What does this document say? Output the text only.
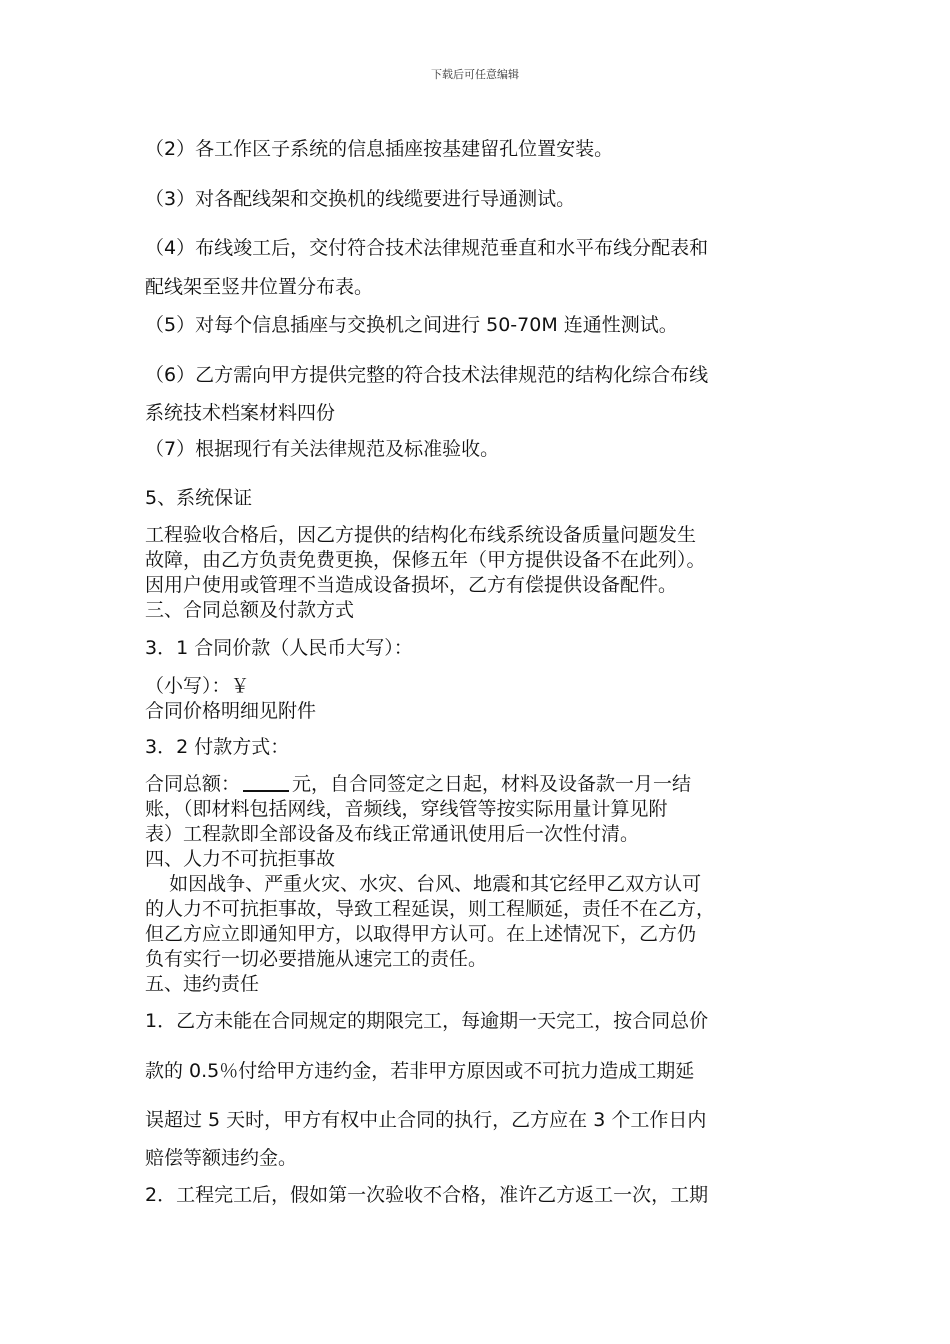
下载后可任意编辑
（2）各工作区子系统的信息插座按基建留孔位置安装。
（3）对各配线架和交换机的线缆要进行导通测试。
（4）布线竣工后，交付符合技术法律规范垂直和水平布线分配表和
配线架至竖井位置分布表。
（5）对每个信息插座与交换机之间进行 50-70M 连通性测试。
（6）乙方需向甲方提供完整的符合技术法律规范的结构化综合布线
系统技术档案材料四份
（7）根据现行有关法律规范及标准验收。
5、系统保证
工程验收合格后，因乙方提供的结构化布线系统设备质量问题发生
故障，由乙方负责免费更换，保修五年（甲方提供设备不在此列）。
因用户使用或管理不当造成设备损坏，乙方有偿提供设备配件。
三、合同总额及付款方式
3．1 合同价款（人民币大写）：
（小写）：￥
合同价格明细见附件
3．2 付款方式：
合同总额：	元，自合同签定之日起，材料及设备款一月一结
账，（即材料包括网线，音频线，穿线管等按实际用量计算见附
表）工程款即全部设备及布线正常通讯使用后一次性付清。
四、人力不可抗拒事故
如因战争、严重火灾、水灾、台风、地震和其它经甲乙双方认可
的人力不可抗拒事故，导致工程延误，则工程顺延，责任不在乙方，
但乙方应立即通知甲方，以取得甲方认可。在上述情况下，乙方仍
负有实行一切必要措施从速完工的责任。
五、违约责任
1．乙方未能在合同规定的期限完工，每逾期一天完工，按合同总价
款的 0.5％付给甲方违约金，若非甲方原因或不可抗力造成工期延
误超过 5 天时，甲方有权中止合同的执行，乙方应在 3 个工作日内
赔偿等额违约金。
2．工程完工后，假如第一次验收不合格，准许乙方返工一次，工期
